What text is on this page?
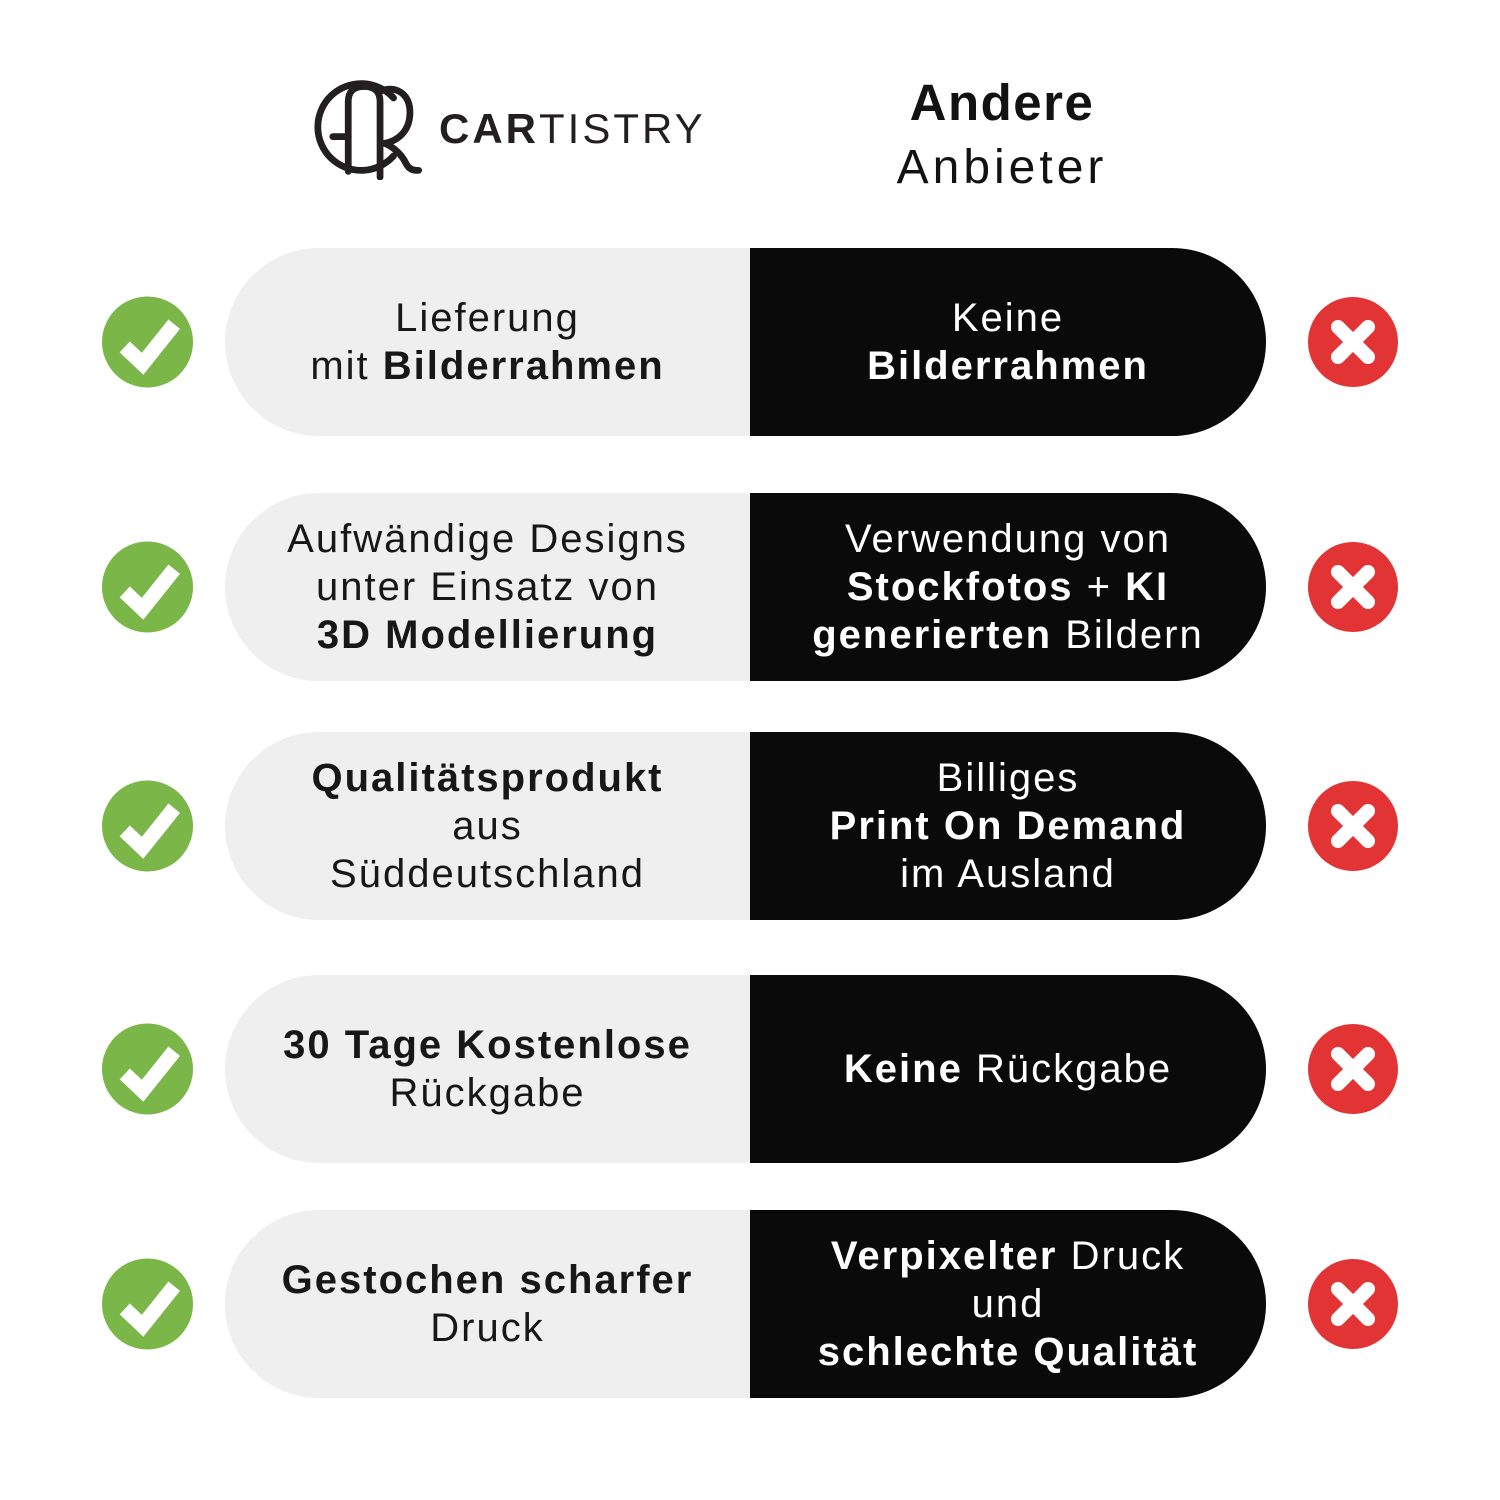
CARTISTRY	Andere
Anbieter
Lieferung
mit Bilderrahmen
Keine
Bilderrahmen
Aufwändige Designs
unter Einsatz von
3D Modellierung
Verwendung von
Stockfotos + KI
generierten Bildern
Qualitätsprodukt
aus
Süddeutschland
Billiges
Print On Demand
im Ausland
30 Tage Kostenlose
Rückgabe
Keine Rückgabe
Gestochen scharfer
Druck
Verpixelter Druck
und
schlechte Qualität
